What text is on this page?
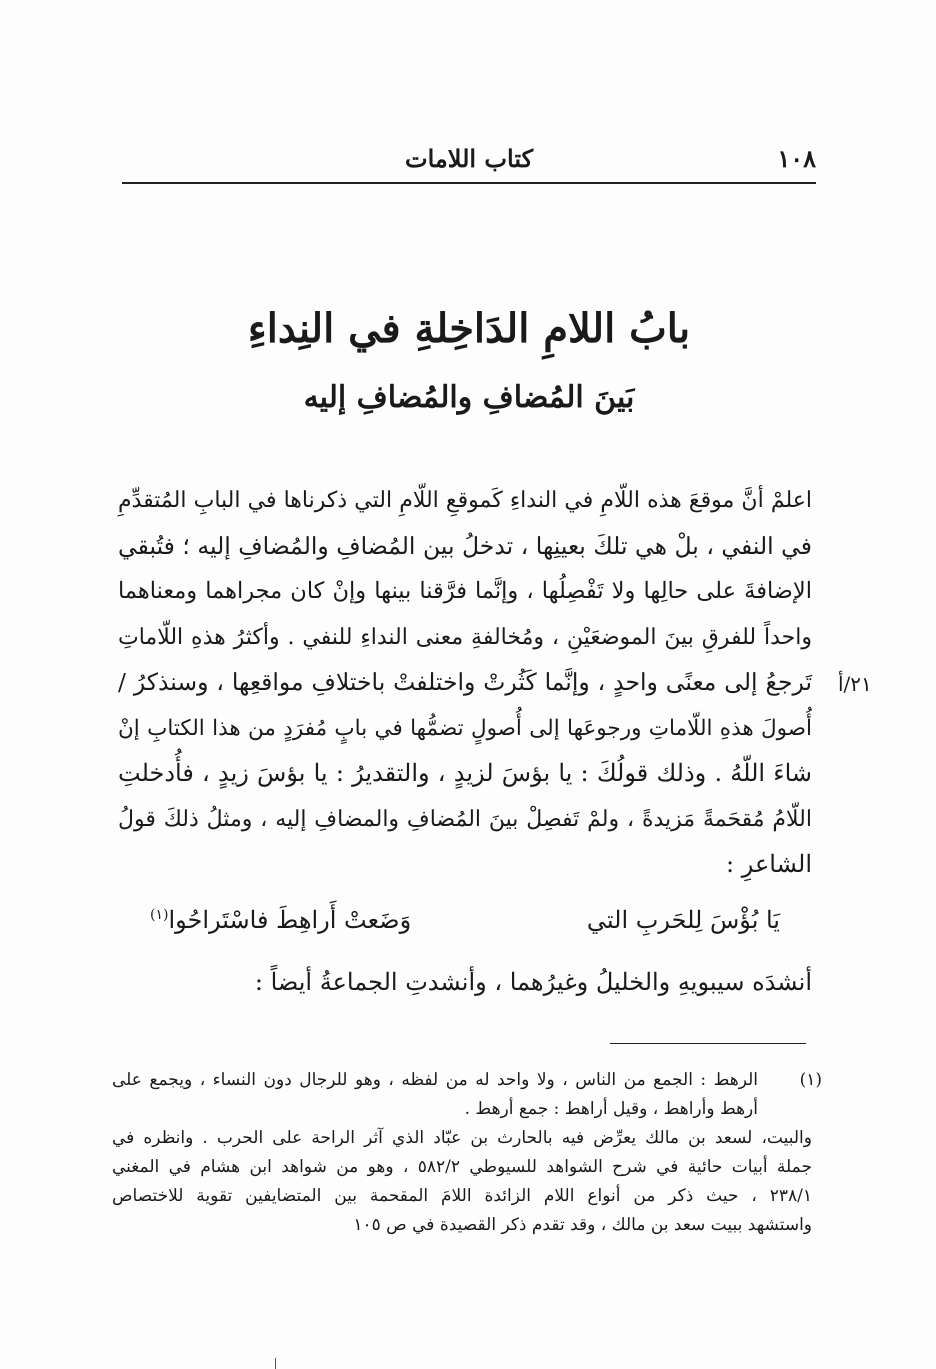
١٠٨
كتاب اللامات
بابُ اللامِ الدَاخِلةِ في النِداءِ
بَينَ المُضافِ والمُضافِ إليه
اعلمْ أنَّ موقعَ هذه اللّامِ في النداءِ كَموقعِ اللّامِ التي ذكرناها في البابِ المُتقدِّمِ
في النفي ، بلْ هي تلكَ بعينِها ، تدخلُ بين المُضافِ والمُضافِ إليه ؛ فتُبقي
الإضافةَ على حالِها ولا تَفْصِلُها ، وإنَّما فرَّقنا بينها وإنْ كان مجراهما ومعناهما
واحداً للفرقِ بينَ الموضعَيْنِ ، ومُخالفةِ معنى النداءِ للنفي . وأكثرُ هذهِ اللّاماتِ
تَرجعُ إلى معنًى واحدٍ ، وإنَّما كَثُرتْ واختلفتْ باختلافِ مواقعِها ، وسنذكرُ /
أُصولَ هذهِ اللّاماتِ ورجوعَها إلى أُصولٍ تضمُّها في بابٍ مُفرَدٍ من هذا الكتابِ إنْ
شاءَ اللّهُ . وذلك قولُكَ : يا بؤسَ لزيدٍ ، والتقديرُ : يا بؤسَ زيدٍ ، فأُدخلتِ
اللّامُ مُقحَمةً مَزيدةً ، ولمْ تَفصِلْ بينَ المُضافِ والمضافِ إليه ، ومثلُ ذلكَ قولُ
الشاعرِ :
٢١/أ
يَا بُؤْسَ لِلحَربِ التي
وَضَعتْ أَراهِطَ فاسْتَراحُوا$^{(١)}$
أنشدَه سيبويهِ والخليلُ وغيرُهما ، وأنشدتِ الجماعةُ أيضاً :
(١)
الرهط : الجمع من الناس ، ولا واحد له من لفظه ، وهو للرجال دون النساء ، ويجمع على
أرهط وأراهط ، وقيل أراهط : جمع أرهط .
والبيت، لسعد بن مالك يعرِّض فيه بالحارث بن عبّاد الذي آثر الراحة على الحرب . وانظره في
جملة أبيات حائية في شرح الشواهد للسيوطي ٥٨٢/٢ ، وهو من شواهد ابن هشام في المغني
٢٣٨/١ ، حيث ذكر من أنواع اللام الزائدة اللامَ المقحمة بين المتضايفين تقوية للاختصاص
واستشهد ببيت سعد بن مالك ، وقد تقدم ذكر القصيدة في ص ١٠٥
